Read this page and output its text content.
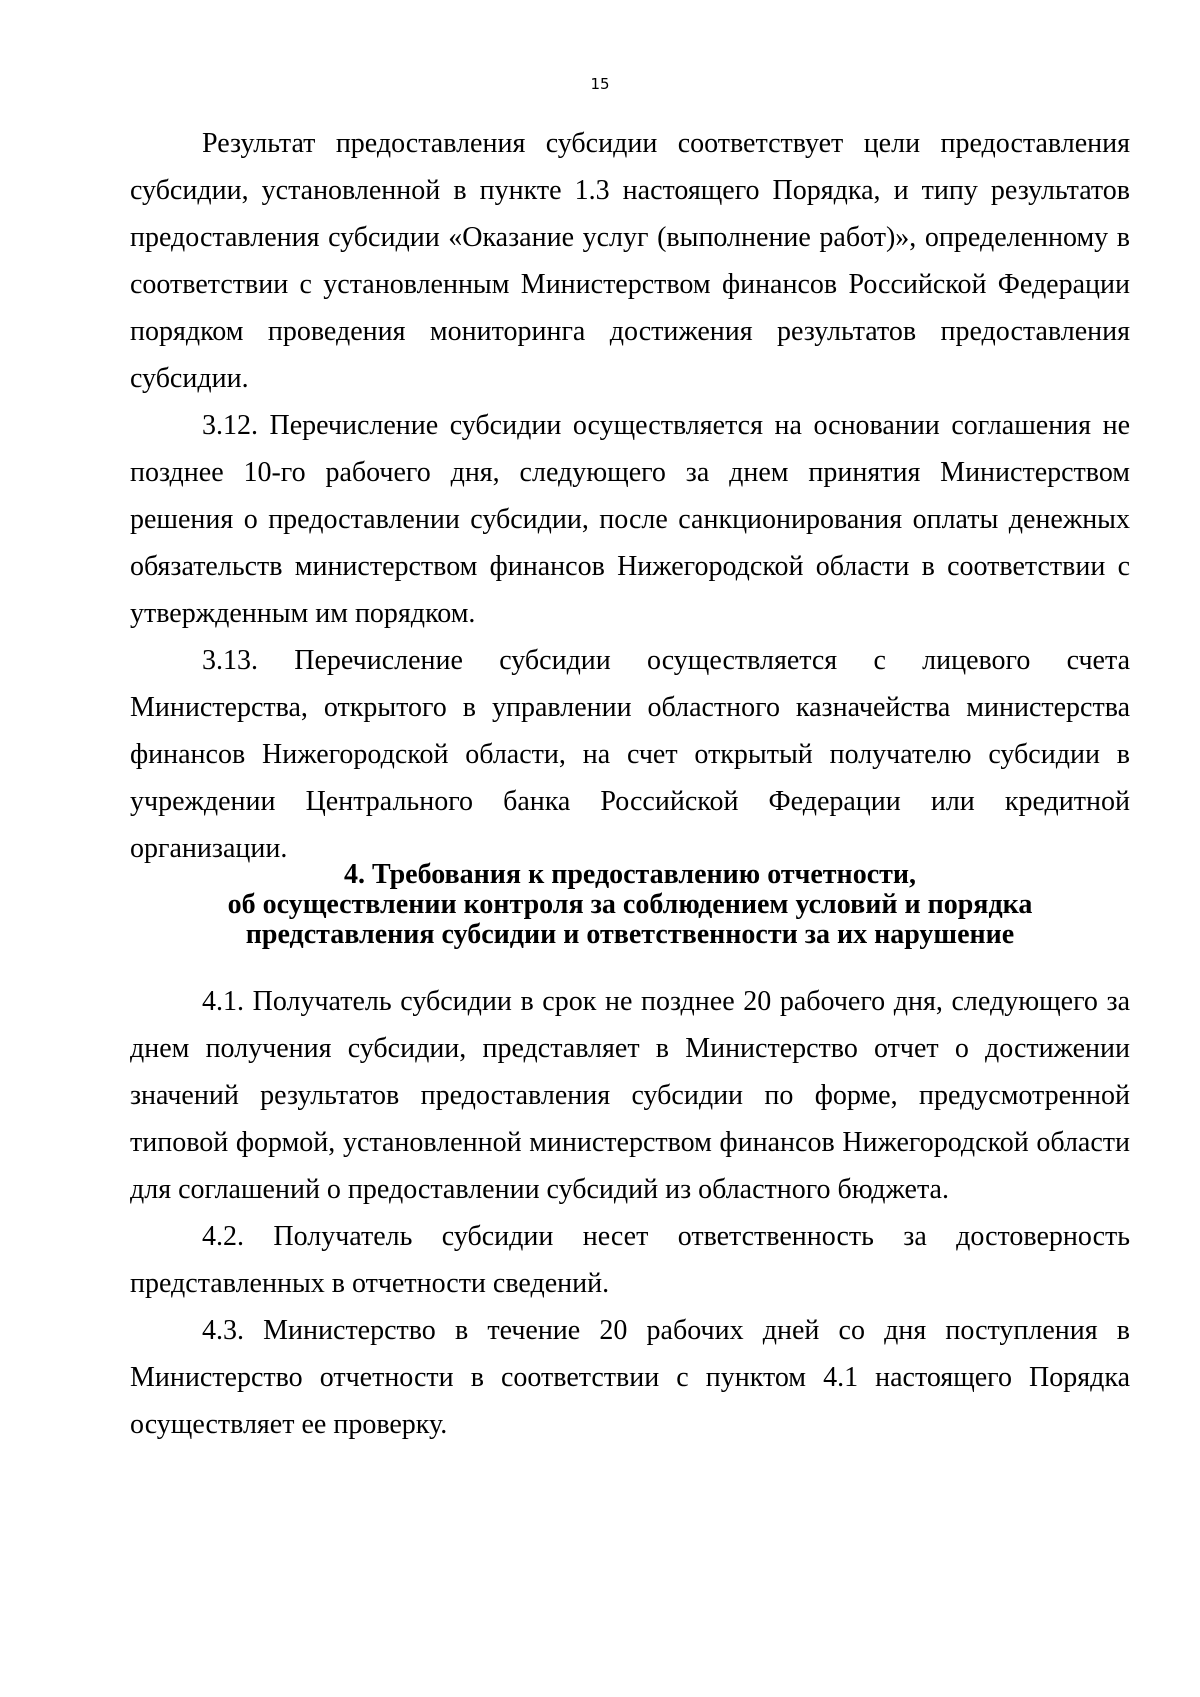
15

Результат предоставления субсидии соответствует цели предоставления субсидии, установленной в пункте 1.3 настоящего Порядка, и типу результатов предоставления субсидии «Оказание услуг (выполнение работ)», определенному в соответствии с установленным Министерством финансов Российской Федерации порядком проведения мониторинга достижения результатов предоставления субсидии.

3.12. Перечисление субсидии осуществляется на основании соглашения не позднее 10-го рабочего дня, следующего за днем принятия Министерством решения о предоставлении субсидии, после санкционирования оплаты денежных обязательств министерством финансов Нижегородской области в соответствии с утвержденным им порядком.

3.13. Перечисление субсидии осуществляется с лицевого счета Министерства, открытого в управлении областного казначейства министерства финансов Нижегородской области, на счет открытый получателю субсидии в учреждении Центрального банка Российской Федерации или кредитной организации.

4. Требования к предоставлению отчетности,
об осуществлении контроля за соблюдением условий и порядка
представления субсидии и ответственности за их нарушение

4.1. Получатель субсидии в срок не позднее 20 рабочего дня, следующего за днем получения субсидии, представляет в Министерство отчет о достижении значений результатов предоставления субсидии по форме, предусмотренной типовой формой, установленной министерством финансов Нижегородской области для соглашений о предоставлении субсидий из областного бюджета.

4.2. Получатель субсидии несет ответственность за достоверность представленных в отчетности сведений.

4.3. Министерство в течение 20 рабочих дней со дня поступления в Министерство отчетности в соответствии с пунктом 4.1 настоящего Порядка осуществляет ее проверку.
